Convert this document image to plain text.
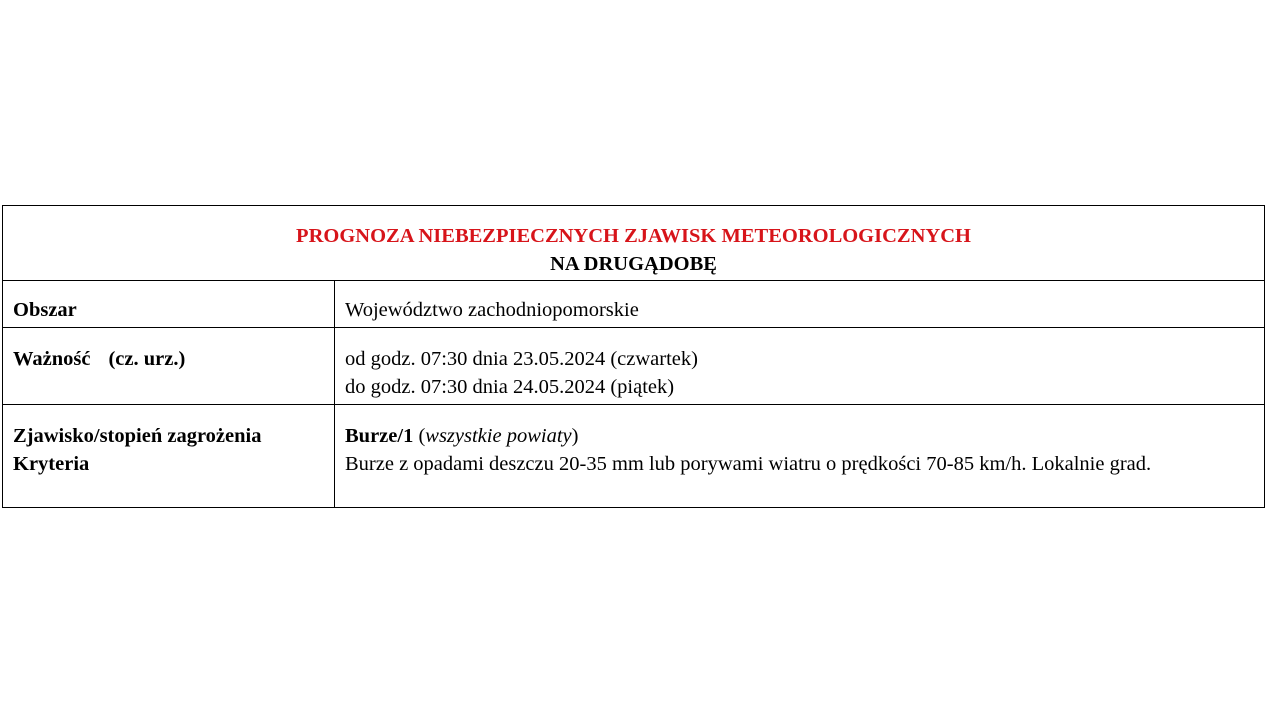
PROGNOZA NIEBEZPIECZNYCH ZJAWISK METEOROLOGICZNYCH
NA DRUGĄDOBĘ	

Obszar	Województwo zachodniopomorskie
Ważność (cz. urz.)	od godz. 07:30 dnia 23.05.2024 (czwartek)
do godz. 07:30 dnia 24.05.2024 (piątek)

Zjawisko/stopień zagrożenia
Kryteria	Burze/1 (wszystkie powiaty)
Burze z opadami deszczu 20-35 mm lub porywami wiatru o prędkości 70-85 km/h. Lokalnie grad.
